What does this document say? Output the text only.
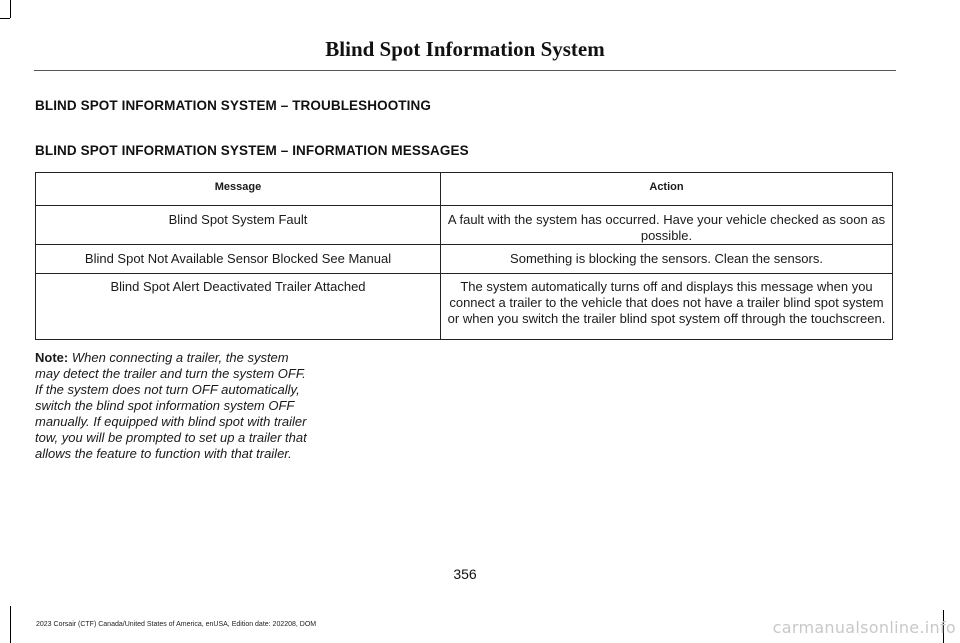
Blind Spot Information System
BLIND SPOT INFORMATION SYSTEM – TROUBLESHOOTING
BLIND SPOT INFORMATION SYSTEM – INFORMATION MESSAGES
Message	Action
Blind Spot System Fault	A fault with the system has occurred. Have your vehicle checked as soon as possible.
Blind Spot Not Available Sensor Blocked See Manual	Something is blocking the sensors. Clean the sensors.
Blind Spot Alert Deactivated Trailer Attached	The system automatically turns off and displays this message when you connect a trailer to the vehicle that does not have a trailer blind spot system or when you switch the trailer blind spot system off through the touchscreen.
Note: When connecting a trailer, the system may detect the trailer and turn the system OFF. If the system does not turn OFF automatically, switch the blind spot information system OFF manually. If equipped with blind spot with trailer tow, you will be prompted to set up a trailer that allows the feature to function with that trailer.
356
2023 Corsair (CTF) Canada/United States of America, enUSA, Edition date: 202208, DOM	carmanualsonline.info
